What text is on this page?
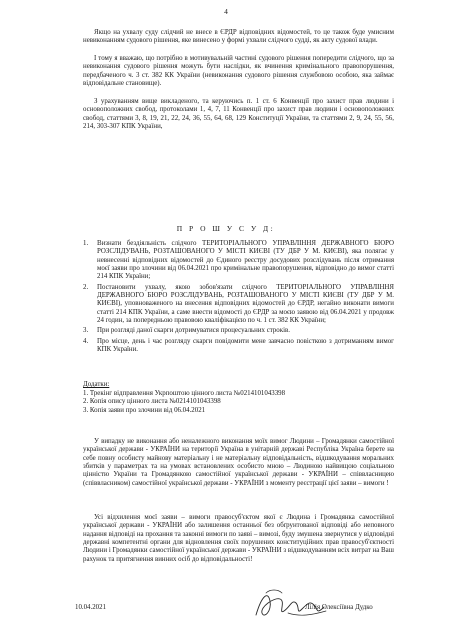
4

Якщо на ухвалу суду слідчий не внесе в ЄРДР відповідних відомостей, то це також буде умисним невиконанням судового рішення, яке винесено у формі ухвали слідчого судді, як акту судової влади.

І тому я вважаю, що потрібно в мотивувальній частині судового рішення попередити слідчого, що за невиконання судового рішення можуть бути наслідки, як вчинення кримінального правопорушення, передбаченого ч. 3 ст. 382 КК України (невиконання судового рішення службовою особою, яка займає відповідальне становище).

З урахуванням вище викладеного, та керуючись п. 1 ст. 6 Конвенції про захист прав людини і основоположних свобод, протоколами 1, 4, 7, 11 Конвенції про захист прав людини і основоположних свобод, статтями 3, 8, 19, 21, 22, 24, 36, 55, 64, 68, 129 Конституції України, та статтями 2, 9, 24, 55, 56, 214, 303-307 КПК України,

П Р О Ш У С У Д:
1. Визнати бездіяльність слідчого ТЕРИТОРІАЛЬНОГО УПРАВЛІННЯ ДЕРЖАВНОГО БЮРО РОЗСЛІДУВАНЬ, РОЗТАШОВАНОГО У МІСТІ КИЄВІ (ТУ ДБР У М. КИЄВІ), яка полягає у невнесенні відповідних відомостей до Єдиного реєстру досудових розслідувань після отримання моєї заяви про злочини від 06.04.2021 про кримінальне правопорушення, відповідно до вимог статті 214 КПК України;
2. Постановити ухвалу, якою зобов'язати слідчого ТЕРИТОРІАЛЬНОГО УПРАВЛІННЯ ДЕРЖАВНОГО БЮРО РОЗСЛІДУВАНЬ, РОЗТАШОВАНОГО У МІСТІ КИЄВІ (ТУ ДБР У М. КИЄВІ), уповноваженого на внесення відповідних відомостей до ЄРДР, негайно виконати вимоги статті 214 КПК України, а саме внести відомості до ЄРДР за моєю заявою від 06.04.2021 у продовж 24 годин, за попередньою правовою кваліфікацією по ч. 1 ст. 382 КК України;
3. При розгляді даної скарги дотримуватися процесуальних строків.
4. Про місце, день і час розгляду скарги повідомити мене завчасно повісткою з дотриманням вимог КПК України.
Додатки:
1. Трекінг відправлення Укрпоштою цінного листа №0214101043398
2. Копія опису цінного листа №0214101043398
3. Копія заяви про злочини від 06.04.2021

У випадку не виконання або неналежного виконання моїх вимог Людини – Громадянки самостійної української держави - УКРАЇНИ на території Україна в унітарній державі Республіка Україна берете на себе повну особисту майнову матеріальну і не матеріальну відповідальність, відшкодування моральних збитків у параметрах та на умовах встановлених особисто мною – Людиною найвищою соціальною цінністю України та Громадянкою самостійної української держави - УКРАЇНИ – співвласницею (співвласником) самостійної української держави - УКРАЇНИ з моменту реєстрації цієї заяви – вимоги !

Усі відхилення моєї заяви – вимоги правосуб'єктом якої є Людина і Громадянка самостійної української держави - УКРАЇНИ або залишення останньої без обґрунтованої відповіді або неповного надання відповіді на прохання та законні вимоги по заяві – вимозі, буду змушена звернутися у відповідні державні компетентні органи для відновлення своїх порушених конституційних прав правосуб'єктності Людини і Громадянки самостійної української держави - УКРАЇНИ з відшкодуванням всіх витрат на Ваш рахунок та притягнення винних осіб до відповідальності!

10.04.2021	Лілія Олексіївна Дудко
